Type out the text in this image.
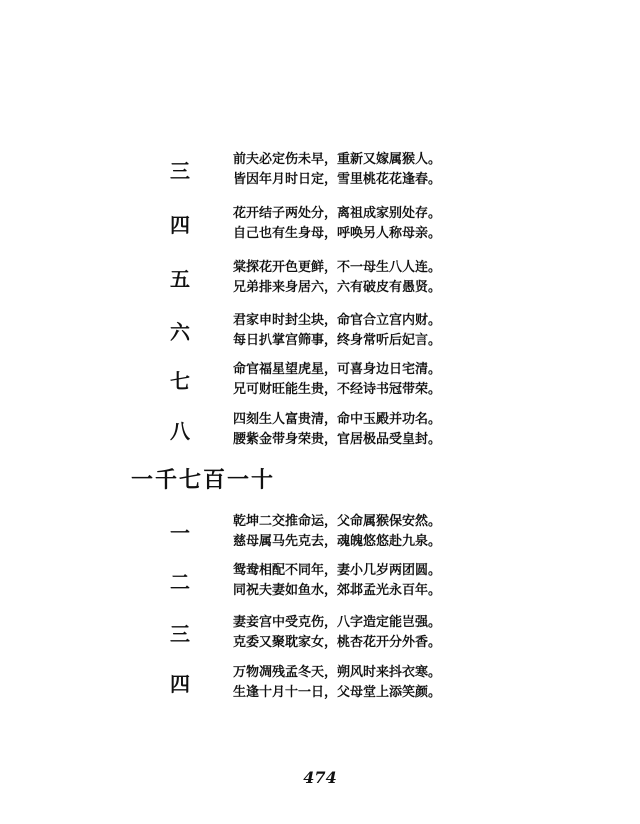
三	前夫必定伤未早，重新又嫁属猴人。
皆因年月时日定，雪里桃花花逢春。
四	花开结子两处分，离祖成家别处存。
自己也有生身母，呼唤另人称母亲。
五	棠探花开色更鲜，不一母生八人连。
兄弟排来身居六，六有破皮有愚贤。
六	君家申时封尘块，命官合立宫内财。
每日扒掌宫筛事，终身常听后妃言。
七	命官福星望虎星，可喜身边日宅清。
兄可财旺能生贵，不经诗书冠带荣。
八	四刻生人富贵清，命中玉殿并功名。
腰紫金带身荣贵，官居极品受皇封。
一千七百一十
一	乾坤二交推命运，父命属猴保安然。
慈母属马先克去，魂魄悠悠赴九泉。
二	鸳鸯相配不同年，妻小几岁两团圆。
同祝夫妻如鱼水，郊邶孟光永百年。
三	妻妾宫中受克伤，八字造定能岂强。
克委又聚耽家女，桃杏花开分外香。
四	万物凋残孟冬天，朔风时来抖衣寒。
生逢十月十一日，父母堂上添笑颜。
474
